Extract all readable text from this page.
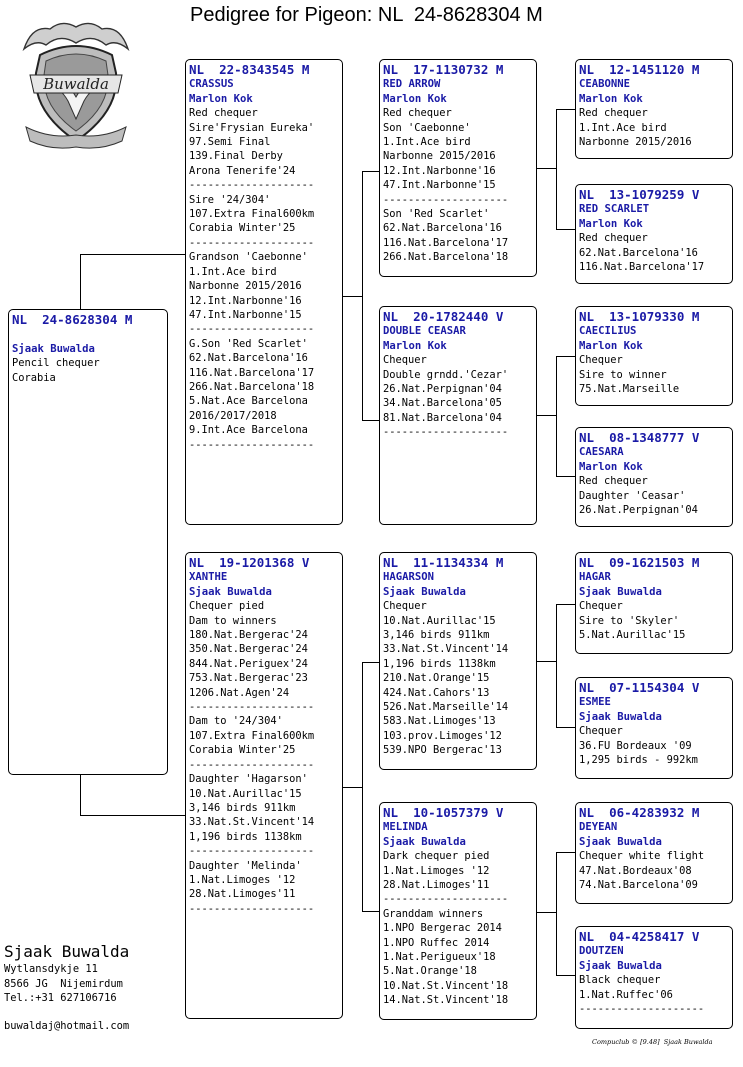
Pedigree for Pigeon: NL  24-8628304 M
Buwalda
NL  24-8628304 M
Sjaak Buwalda
Pencil chequer
Corabia
NL  22-8343545 M
CRASSUS
Marlon Kok
Red chequer
Sire'Frysian Eureka'
97.Semi Final
139.Final Derby
Arona Tenerife'24
--------------------
Sire '24/304'
107.Extra Final600km
Corabia Winter'25
--------------------
Grandson 'Caebonne'
1.Int.Ace bird
Narbonne 2015/2016
12.Int.Narbonne'16
47.Int.Narbonne'15
--------------------
G.Son 'Red Scarlet'
62.Nat.Barcelona'16
116.Nat.Barcelona'17
266.Nat.Barcelona'18
5.Nat.Ace Barcelona
2016/2017/2018
9.Int.Ace Barcelona
--------------------
NL  19-1201368 V
XANTHE
Sjaak Buwalda
Chequer pied
Dam to winners
180.Nat.Bergerac'24
350.Nat.Bergerac'24
844.Nat.Periguex'24
753.Nat.Bergerac'23
1206.Nat.Agen'24
--------------------
Dam to '24/304'
107.Extra Final600km
Corabia Winter'25
--------------------
Daughter 'Hagarson'
10.Nat.Aurillac'15
3,146 birds 911km
33.Nat.St.Vincent'14
1,196 birds 1138km
--------------------
Daughter 'Melinda'
1.Nat.Limoges '12
28.Nat.Limoges'11
--------------------
NL  17-1130732 M
RED ARROW
Marlon Kok
Red chequer
Son 'Caebonne'
1.Int.Ace bird
Narbonne 2015/2016
12.Int.Narbonne'16
47.Int.Narbonne'15
--------------------
Son 'Red Scarlet'
62.Nat.Barcelona'16
116.Nat.Barcelona'17
266.Nat.Barcelona'18
NL  20-1782440 V
DOUBLE CEASAR
Marlon Kok
Chequer
Double grndd.'Cezar'
26.Nat.Perpignan'04
34.Nat.Barcelona'05
81.Nat.Barcelona'04
--------------------
NL  11-1134334 M
HAGARSON
Sjaak Buwalda
Chequer
10.Nat.Aurillac'15
3,146 birds 911km
33.Nat.St.Vincent'14
1,196 birds 1138km
210.Nat.Orange'15
424.Nat.Cahors'13
526.Nat.Marseille'14
583.Nat.Limoges'13
103.prov.Limoges'12
539.NPO Bergerac'13
NL  10-1057379 V
MELINDA
Sjaak Buwalda
Dark chequer pied
1.Nat.Limoges '12
28.Nat.Limoges'11
--------------------
Granddam winners
1.NPO Bergerac 2014
1.NPO Ruffec 2014
1.Nat.Perigueux'18
5.Nat.Orange'18
10.Nat.St.Vincent'18
14.Nat.St.Vincent'18
NL  12-1451120 M
CEABONNE
Marlon Kok
Red chequer
1.Int.Ace bird
Narbonne 2015/2016
NL  13-1079259 V
RED SCARLET
Marlon Kok
Red chequer
62.Nat.Barcelona'16
116.Nat.Barcelona'17
NL  13-1079330 M
CAECILIUS
Marlon Kok
Chequer
Sire to winner
75.Nat.Marseille
NL  08-1348777 V
CAESARA
Marlon Kok
Red chequer
Daughter 'Ceasar'
26.Nat.Perpignan'04
NL  09-1621503 M
HAGAR
Sjaak Buwalda
Chequer
Sire to 'Skyler'
5.Nat.Aurillac'15
NL  07-1154304 V
ESMEE
Sjaak Buwalda
Chequer
36.FU Bordeaux '09
1,295 birds - 992km
NL  06-4283932 M
DEYEAN
Sjaak Buwalda
Chequer white flight
47.Nat.Bordeaux'08
74.Nat.Barcelona'09
NL  04-4258417 V
DOUTZEN
Sjaak Buwalda
Black chequer
1.Nat.Ruffec'06
--------------------
Sjaak Buwalda
Wytlansdykje 11
8566 JG  Nijemirdum
Tel.:+31 627106716
buwaldaj@hotmail.com
Compuclub © [9.48]  Sjaak Buwalda
